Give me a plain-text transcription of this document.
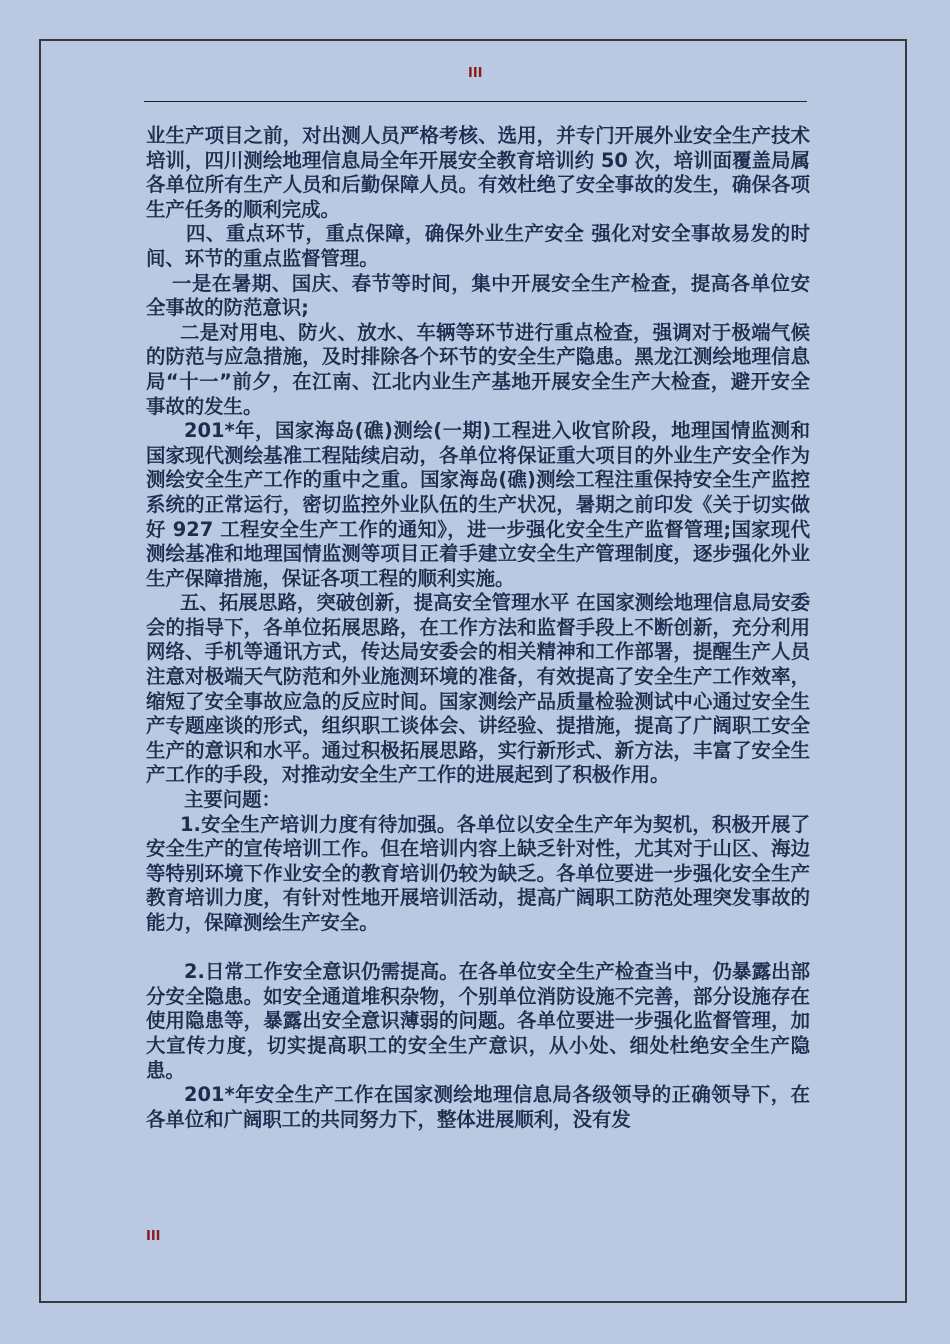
III

业生产项目之前，对出测人员严格考核、选用，并专门开展外业安全生产技术培训，四川测绘地理信息局全年开展安全教育培训约 50 次，培训面覆盖局属各单位所有生产人员和后勤保障人员。有效杜绝了安全事故的发生，确保各项生产任务的顺利完成。

四、重点环节，重点保障，确保外业生产安全 强化对安全事故易发的时间、环节的重点监督管理。

一是在暑期、国庆、春节等时间，集中开展安全生产检查，提高各单位安全事故的防范意识;

二是对用电、防火、放水、车辆等环节进行重点检查，强调对于极端气候的防范与应急措施，及时排除各个环节的安全生产隐患。黑龙江测绘地理信息局“十一”前夕，在江南、江北内业生产基地开展安全生产大检查，避开安全事故的发生。

201*年，国家海岛(礁)测绘(一期)工程进入收官阶段，地理国情监测和国家现代测绘基准工程陆续启动，各单位将保证重大项目的外业生产安全作为测绘安全生产工作的重中之重。国家海岛(礁)测绘工程注重保持安全生产监控系统的正常运行，密切监控外业队伍的生产状况，暑期之前印发《关于切实做好 927 工程安全生产工作的通知》，进一步强化安全生产监督管理;国家现代测绘基准和地理国情监测等项目正着手建立安全生产管理制度，逐步强化外业生产保障措施，保证各项工程的顺利实施。

五、拓展思路，突破创新，提高安全管理水平 在国家测绘地理信息局安委会的指导下，各单位拓展思路，在工作方法和监督手段上不断创新，充分利用网络、手机等通讯方式，传达局安委会的相关精神和工作部署，提醒生产人员注意对极端天气防范和外业施测环境的准备，有效提高了安全生产工作效率，缩短了安全事故应急的反应时间。国家测绘产品质量检验测试中心通过安全生产专题座谈的形式，组织职工谈体会、讲经验、提措施，提高了广阔职工安全生产的意识和水平。通过积极拓展思路，实行新形式、新方法，丰富了安全生产工作的手段，对推动安全生产工作的进展起到了积极作用。

主要问题：

1.安全生产培训力度有待加强。各单位以安全生产年为契机，积极开展了安全生产的宣传培训工作。但在培训内容上缺乏针对性，尤其对于山区、海边等特别环境下作业安全的教育培训仍较为缺乏。各单位要进一步强化安全生产教育培训力度，有针对性地开展培训活动，提高广阔职工防范处理突发事故的能力，保障测绘生产安全。

2.日常工作安全意识仍需提高。在各单位安全生产检查当中，仍暴露出部分安全隐患。如安全通道堆积杂物，个别单位消防设施不完善，部分设施存在使用隐患等，暴露出安全意识薄弱的问题。各单位要进一步强化监督管理，加大宣传力度，切实提高职工的安全生产意识，从小处、细处杜绝安全生产隐患。

201*年安全生产工作在国家测绘地理信息局各级领导的正确领导下，在各单位和广阔职工的共同努力下，整体进展顺利，没有发

III
